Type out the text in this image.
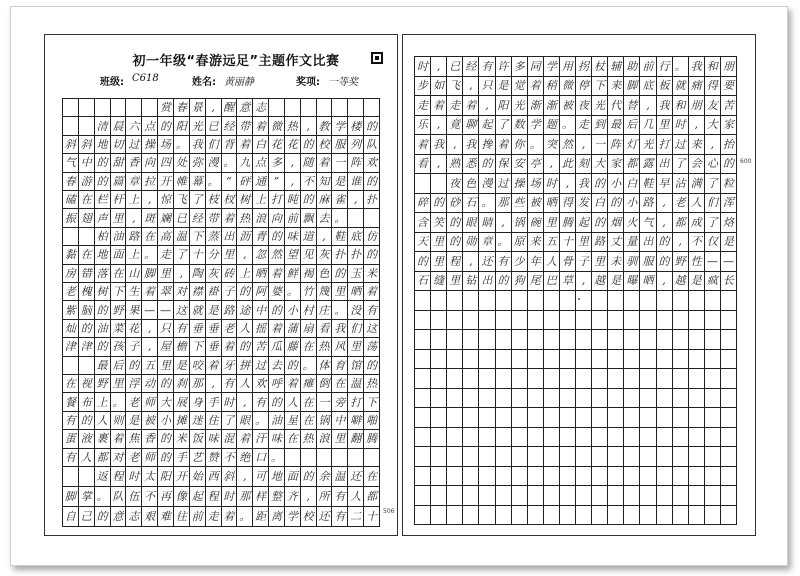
初一年级“春游远足”主题作文比赛
班级: C618	姓名: 黄丽静	奖项: 一等奖
赏 春 景 , 醒 意 志
清 晨 六 点 的 阳 光 已 经 带 着 微 热 , 教 学 楼 的
斜 斜 地 切 过 操 场 。 我 们 背 着 白 花 花 的 校 服 列 队
气 中 的 甜 香 向 四 处 弥 漫 。 九 点 多 , 随 着 一 阵 欢
春 游 的 篇 章 拉 开 帷 幕 。 “ 砰 通 ”	, 不 知 是 谁 的
磕 在 栏 杆 上 , 惊 飞 了 枝 杈 树 上 打 盹 的 麻 雀 , 扑
振 翅 声 里 , 斑 斓 已 经 带 着 热 浪 向 前 飘 去 。
柏 油 路 在 高 温 下 蒸 出 沥 青 的 味 道 , 鞋 底 仿
黏 在 地 面 上 。 走 了 十 分 里 , 忽 然 望 见 灰 扑 扑 的
房 错 落 在 山 脚 里 , 陶 灰 砖 上 晒 着 鲜 褐 色 的 玉 米
老 槐 树 下 生 着 翠 对 襟 褂 子 的 阿 婆 。 竹 篾 里 晒 着
紫 脑 的 野 果 — — 这 就 是 路 途 中 的 小 村 庄 。 没 有
灿 的 油 菜 花 , 只 有 垂 垂 老 人 摇 着 蒲 扇 看 我 们 这
津 津 的 孩 子 , 屋 檐 下 垂 着 的 苦 瓜 藤 在 热 风 里 荡
最 后 的 五 里 是 咬 着 牙 拼 过 去 的 。 体 育 馆 的
在 视 野 里 浮 动 的 刹 那 , 有 人 欢 呼 着 瘫 倒 在 温 热
餐 布 上 。 老 师 大 展 身 手 时 , 有 的 人 在 一 旁 打 下
有 的 人 则 是 被 小 摊 迷 住 了 眼 。 油 星 在 锅 中 噼 啪
蛋 液 裹 着 焦 香 的 米 饭 味 混 着 汗 味 在 热 浪 里 翻 腾
有 人 都 对 老 师 的 手 艺 赞 不 绝 口 。
返 程 时 太 阳 开 始 西 斜 , 可 地 面 的 余 温 还 在
脚 掌 。 队 伍 不 再 像 起 程 时 那 样 整 齐 , 所 有 人 都
自 己 的 意 志 艰 难 往 前 走 着 。 距 离 学 校 还 有 二 十
时 , 已 经 有 许 多 同 学 用 拐 杖 辅 助 前 行 。 我 和 朋
步 如 飞 , 只 是 觉 着 稍 微 停 下 来 脚 底 板 就 痛 得 要
走 着 走 着 , 阳 光 渐 渐 被 夜 光 代 替 , 我 和 朋 友 苦
乐 , 竟 聊 起 了 数 学 题 。 走 到 最 后 几 里 时 , 大 家
着 我 , 我 搀 着 你 。 突 然 , 一 阵 灯 光 打 过 来 , 抬
看 , 熟 悉 的 保 安 亭 , 此 刻 大 家 都 露 出 了 会 心 的
夜 色 漫 过 操 场 时 , 我 的 小 白 鞋 早 沾 满 了 粒
碎 的 砂 石 。 那 些 被 晒 得 发 白 的 小 路 , 老 人 们 浑
含 笑 的 眼 睛 , 锅 碗 里 腾 起 的 烟 火 气 , 都 成 了 烙
天 里 的 勋 章 。 原 来 五 十 里 路 丈 量 出 的 , 不 仅 是
的 里 程 , 还 有 少 年 人 骨 子 里 未 驯 服 的 野 性 — —
石 缝 里 钻 出 的 狗 尾 巴 草 , 越 是 曝 晒 , 越 是 疯 长
506
600
